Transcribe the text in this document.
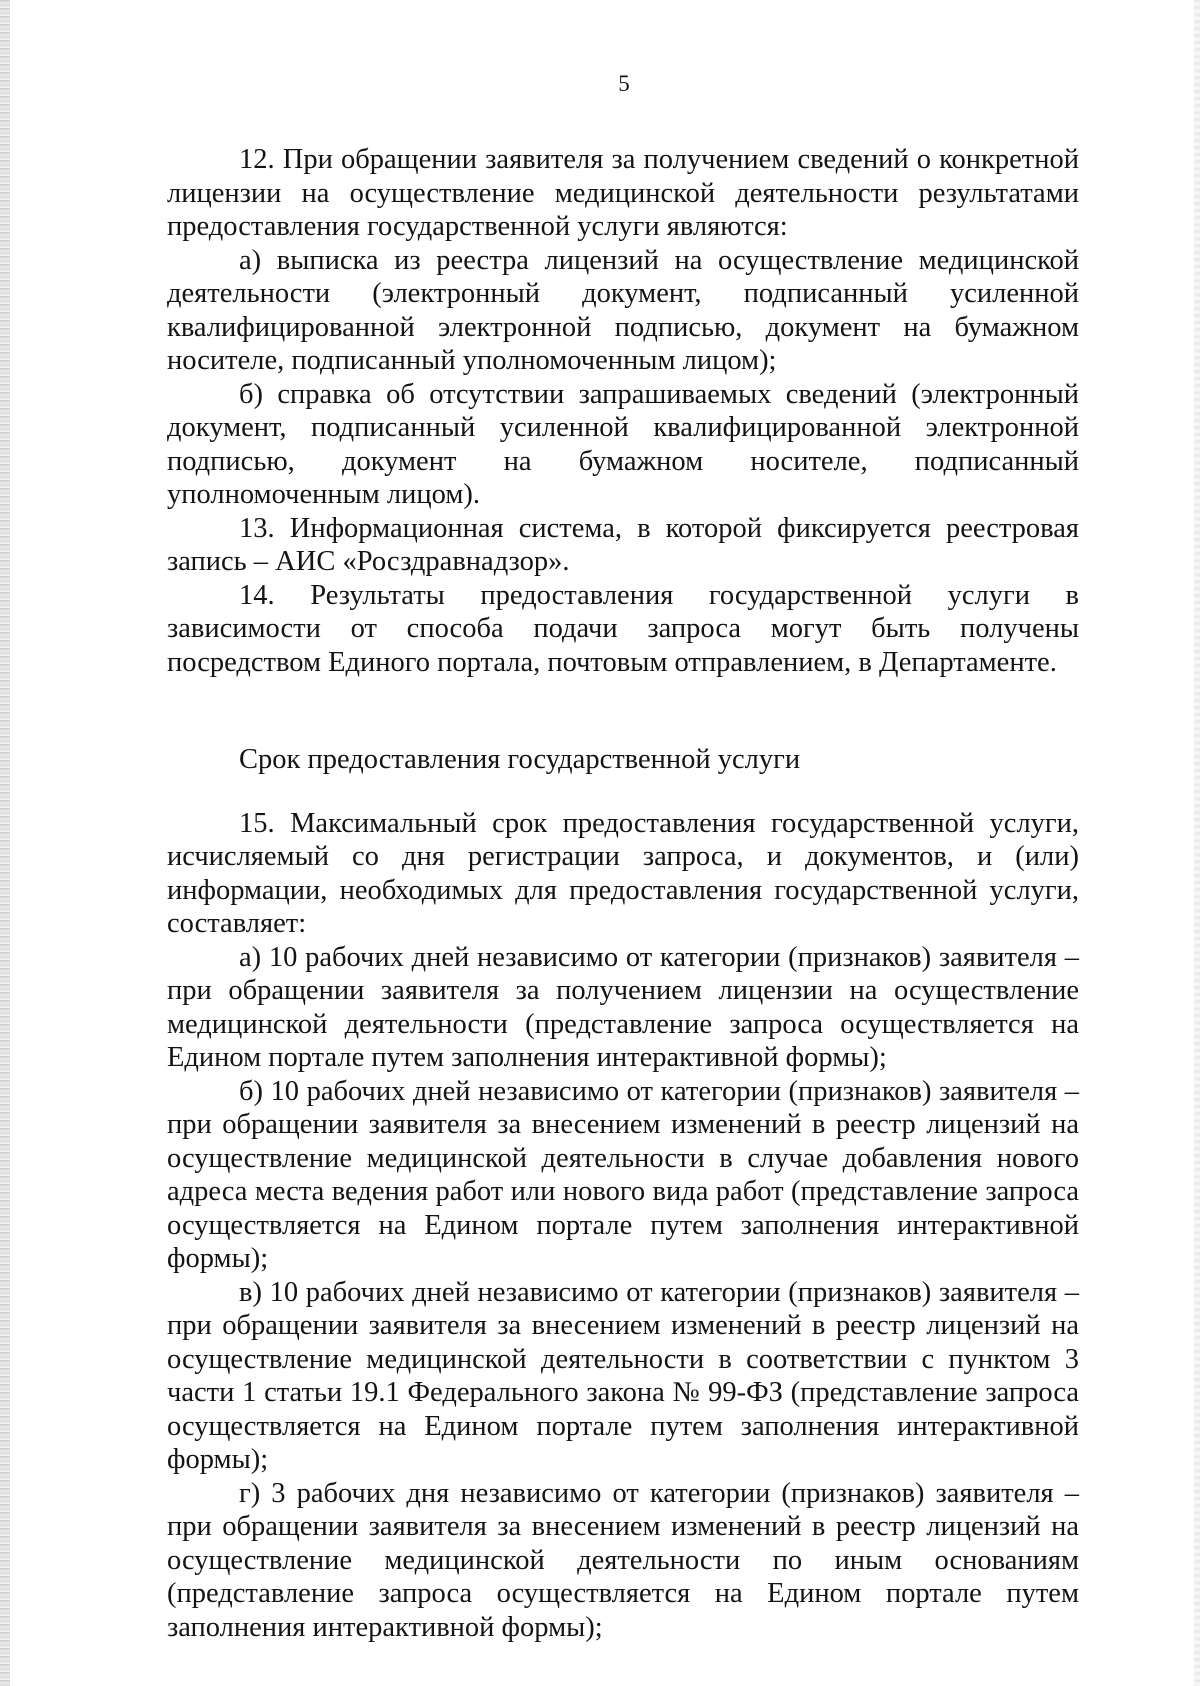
5

12. При обращении заявителя за получением сведений о конкретной лицензии на осуществление медицинской деятельности результатами предоставления государственной услуги являются:

а) выписка из реестра лицензий на осуществление медицинской деятельности (электронный документ, подписанный усиленной квалифицированной электронной подписью, документ на бумажном носителе, подписанный уполномоченным лицом);

б) справка об отсутствии запрашиваемых сведений (электронный документ, подписанный усиленной квалифицированной электронной подписью, документ на бумажном носителе, подписанный уполномоченным лицом).

13. Информационная система, в которой фиксируется реестровая запись – АИС «Росздравнадзор».

14. Результаты предоставления государственной услуги в зависимости от способа подачи запроса могут быть получены посредством Единого портала, почтовым отправлением, в Департаменте.

Срок предоставления государственной услуги

15. Максимальный срок предоставления государственной услуги, исчисляемый со дня регистрации запроса, и документов, и (или) информации, необходимых для предоставления государственной услуги, составляет:

а) 10 рабочих дней независимо от категории (признаков) заявителя – при обращении заявителя за получением лицензии на осуществление медицинской деятельности (представление запроса осуществляется на Едином портале путем заполнения интерактивной формы);

б) 10 рабочих дней независимо от категории (признаков) заявителя – при обращении заявителя за внесением изменений в реестр лицензий на осуществление медицинской деятельности в случае добавления нового адреса места ведения работ или нового вида работ (представление запроса осуществляется на Едином портале путем заполнения интерактивной формы);

в) 10 рабочих дней независимо от категории (признаков) заявителя – при обращении заявителя за внесением изменений в реестр лицензий на осуществление медицинской деятельности в соответствии с пунктом 3 части 1 статьи 19.1 Федерального закона № 99-ФЗ (представление запроса осуществляется на Едином портале путем заполнения интерактивной формы);

г) 3 рабочих дня независимо от категории (признаков) заявителя – при обращении заявителя за внесением изменений в реестр лицензий на осуществление медицинской деятельности по иным основаниям (представление запроса осуществляется на Едином портале путем заполнения интерактивной формы);
